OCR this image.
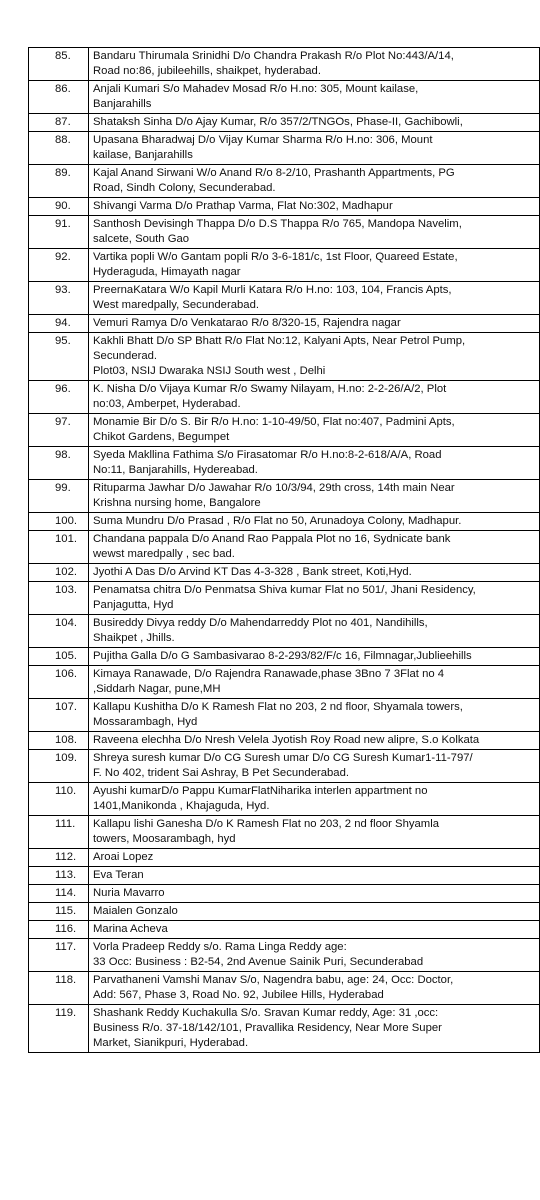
85.	Bandaru Thirumala Srinidhi D/o Chandra Prakash R/o Plot No:443/A/14,
Road no:86, jubileehills, shaikpet, hyderabad.
86.	Anjali Kumari S/o Mahadev Mosad R/o H.no: 305, Mount kailase,
Banjarahills
87.	Shataksh Sinha D/o Ajay Kumar, R/o 357/2/TNGOs, Phase-II, Gachibowli,

88.	Upasana Bharadwaj D/o Vijay Kumar Sharma R/o H.no: 306, Mount
kailase, Banjarahills
89.	Kajal Anand Sirwani W/o Anand R/o 8-2/10, Prashanth Appartments, PG
Road, Sindh Colony, Secunderabad.
90.	Shivangi Varma D/o Prathap Varma, Flat No:302, Madhapur
91.	Santhosh Devisingh Thappa D/o D.S Thappa R/o 765, Mandopa Navelim,
salcete, South Gao
92.	Vartika popli W/o Gantam popli R/o 3-6-181/c, 1st Floor, Quareed Estate,
Hyderaguda, Himayath nagar
93.	PreernaKatara W/o Kapil Murli Katara R/o H.no: 103, 104, Francis Apts,
West maredpally, Secunderabad.
94.	Vemuri Ramya D/o Venkatarao R/o 8/320-15, Rajendra nagar
95.	Kakhli Bhatt D/o SP Bhatt R/o Flat No:12, Kalyani Apts, Near Petrol Pump,
Secunderad.
Plot03, NSIJ Dwaraka NSIJ South west , Delhi
96.	K. Nisha D/o Vijaya Kumar R/o Swamy Nilayam, H.no: 2-2-26/A/2, Plot
no:03, Amberpet, Hyderabad.
97.	Monamie Bir D/o S. Bir R/o H.no: 1-10-49/50, Flat no:407, Padmini Apts,
Chikot Gardens, Begumpet
98.	Syeda Makllina Fathima S/o Firasatomar R/o H.no:8-2-618/A/A, Road
No:11, Banjarahills, Hydereabad.
99.	Rituparma Jawhar D/o Jawahar R/o 10/3/94, 29th cross, 14th main Near
Krishna nursing home, Bangalore
100.	Suma Mundru D/o Prasad , R/o Flat no 50, Arunadoya Colony, Madhapur.
101.	Chandana pappala D/o Anand Rao Pappala Plot no 16, Sydnicate bank
wewst maredpally , sec bad.
102.	Jyothi A Das D/o Arvind KT Das 4-3-328 , Bank street, Koti,Hyd.
103.	Penamatsa chitra D/o Penmatsa Shiva kumar Flat no 501/, Jhani Residency,
Panjagutta, Hyd
104.	Busireddy Divya reddy D/o Mahendarreddy Plot no 401, Nandihills,
Shaikpet , Jhills.
105.	Pujitha Galla D/o G Sambasivarao 8-2-293/82/F/c 16, Filmnagar,Jublieehills
106.	Kimaya Ranawade, D/o Rajendra Ranawade,phase 3Bno 7 3Flat no 4
,Siddarh Nagar, pune,MH
107.	Kallapu Kushitha D/o K Ramesh Flat no 203, 2 nd floor, Shyamala towers,
Mossarambagh, Hyd
108.	Raveena elechha D/o Nresh Velela Jyotish Roy Road new alipre, S.o Kolkata
109.	Shreya suresh kumar D/o CG Suresh umar D/o CG Suresh Kumar1-11-797/
F. No 402, trident Sai Ashray, B Pet Secunderabad.
110.	Ayushi kumarD/o Pappu KumarFlatNiharika interlen appartment no
1401,Manikonda , Khajaguda, Hyd.
111.	Kallapu lishi Ganesha D/o K Ramesh Flat no 203, 2 nd floor Shyamla
towers, Moosarambagh, hyd
112.	Aroai Lopez
113.	Eva Teran
114.	Nuria Mavarro
115.	Maialen Gonzalo
116.	Marina Acheva
117.	Vorla Pradeep Reddy s/o. Rama Linga Reddy age:
33 Occ: Business : B2-54, 2nd Avenue Sainik Puri, Secunderabad
118.	Parvathaneni Vamshi Manav S/o, Nagendra babu, age: 24, Occ: Doctor,
Add: 567, Phase 3, Road No. 92, Jubilee Hills, Hyderabad
119.	Shashank Reddy Kuchakulla S/o. Sravan Kumar reddy, Age: 31 ,occ:
Business R/o. 37-18/142/101, Pravallika Residency, Near More Super
Market, Sianikpuri, Hyderabad.
